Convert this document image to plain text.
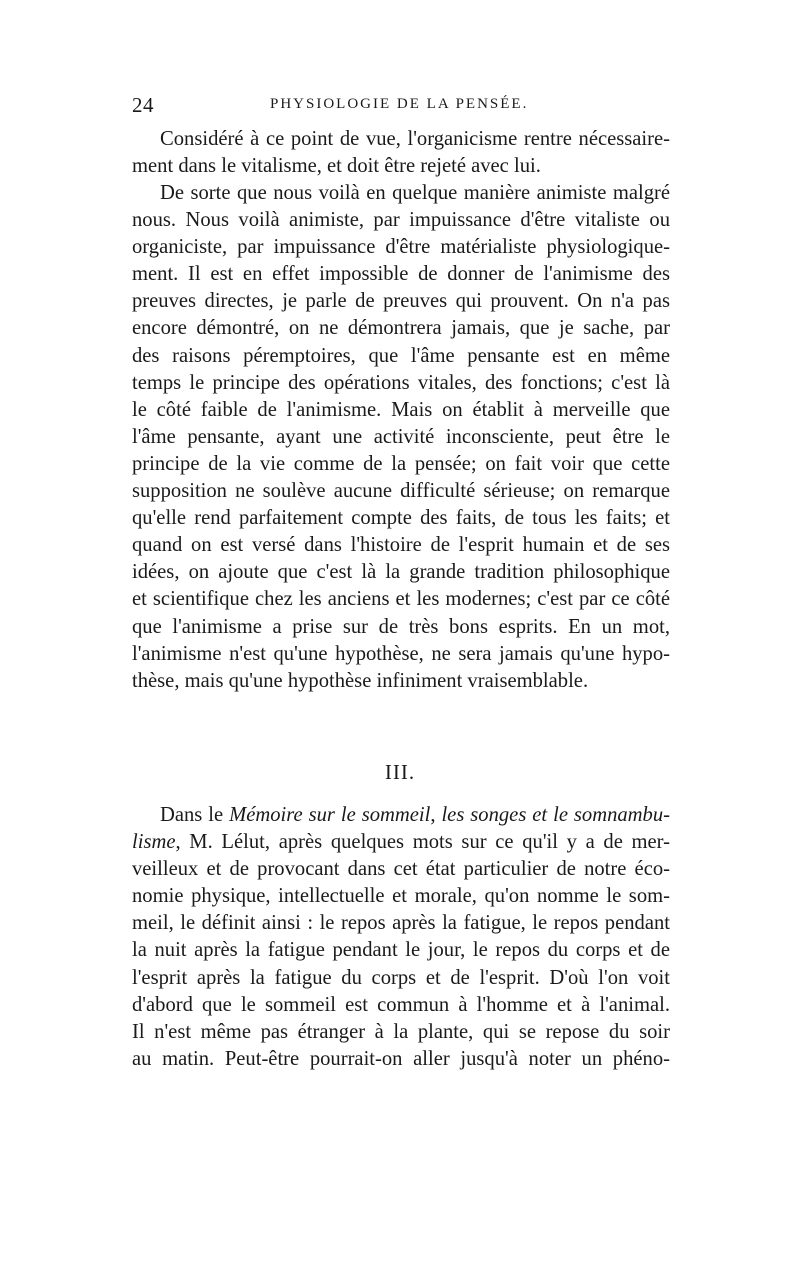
24	PHYSIOLOGIE DE LA PENSÉE.
Considéré à ce point de vue, l'organicisme rentre nécessaire-
ment dans le vitalisme, et doit être rejeté avec lui.
De sorte que nous voilà en quelque manière animiste malgré
nous. Nous voilà animiste, par impuissance d'être vitaliste ou
organiciste, par impuissance d'être matérialiste physiologique-
ment. Il est en effet impossible de donner de l'animisme des
preuves directes, je parle de preuves qui prouvent. On n'a pas
encore démontré, on ne démontrera jamais, que je sache, par
des raisons péremptoires, que l'âme pensante est en même
temps le principe des opérations vitales, des fonctions; c'est là
le côté faible de l'animisme. Mais on établit à merveille que
l'âme pensante, ayant une activité inconsciente, peut être le
principe de la vie comme de la pensée; on fait voir que cette
supposition ne soulève aucune difficulté sérieuse; on remarque
qu'elle rend parfaitement compte des faits, de tous les faits; et
quand on est versé dans l'histoire de l'esprit humain et de ses
idées, on ajoute que c'est là la grande tradition philosophique
et scientifique chez les anciens et les modernes; c'est par ce côté
que l'animisme a prise sur de très bons esprits. En un mot,
l'animisme n'est qu'une hypothèse, ne sera jamais qu'une hypo-
thèse, mais qu'une hypothèse infiniment vraisemblable.
III.
Dans le Mémoire sur le sommeil, les songes et le somnambu-
lisme, M. Lélut, après quelques mots sur ce qu'il y a de mer-
veilleux et de provocant dans cet état particulier de notre éco-
nomie physique, intellectuelle et morale, qu'on nomme le som-
meil, le définit ainsi : le repos après la fatigue, le repos pendant
la nuit après la fatigue pendant le jour, le repos du corps et de
l'esprit après la fatigue du corps et de l'esprit. D'où l'on voit
d'abord que le sommeil est commun à l'homme et à l'animal.
Il n'est même pas étranger à la plante, qui se repose du soir
au matin. Peut-être pourrait-on aller jusqu'à noter un phéno-
